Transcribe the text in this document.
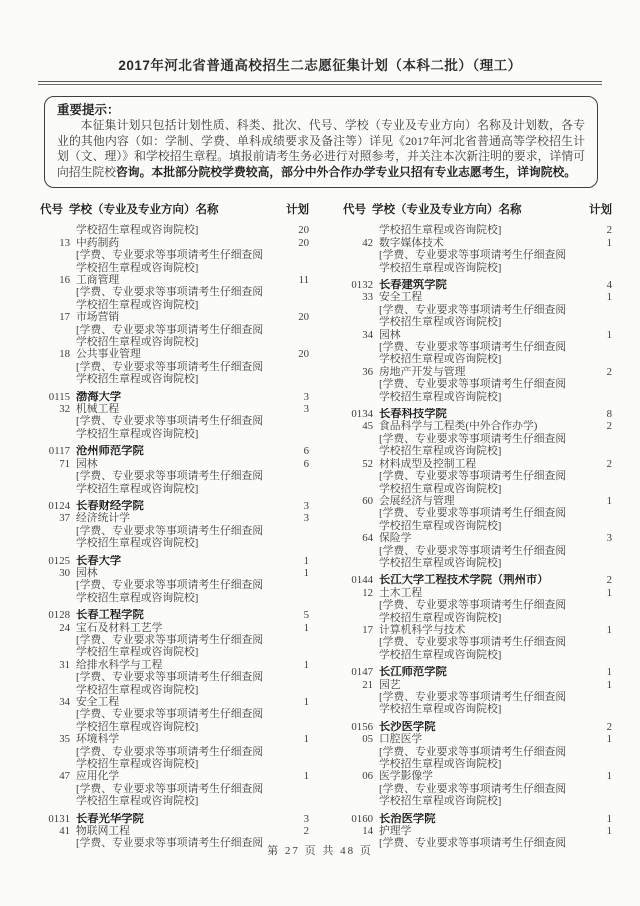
2017年河北省普通高校招生二志愿征集计划（本科二批）（理工）
重要提示：
本征集计划只包括计划性质、科类、批次、代号、学校（专业及专业方向）名称及计划数，各专业的其他内容（如：学制、学费、单科成绩要求及备注等）详见《2017年河北省普通高等学校招生计划（文、理）》和学校招生章程。填报前请考生务必进行对照参考，并关注本次新注明的要求，详情可向招生院校咨询。本批部分院校学费较高，部分中外合作办学专业只招有专业志愿考生，详询院校。
代号 学校（专业及专业方向）名称	计划
学校招生章程或咨询院校]	20
13 中药制药	20
[学费、专业要求等事项请考生仔细查阅
学校招生章程或咨询院校]
16 工商管理	11
[学费、专业要求等事项请考生仔细查阅
学校招生章程或咨询院校]
17 市场营销	20
[学费、专业要求等事项请考生仔细查阅
学校招生章程或咨询院校]
18 公共事业管理	20
[学费、专业要求等事项请考生仔细查阅
学校招生章程或咨询院校]
0115 渤海大学	3
32 机械工程	3
[学费、专业要求等事项请考生仔细查阅
学校招生章程或咨询院校]
0117 沧州师范学院	6
71 园林	6
[学费、专业要求等事项请考生仔细查阅
学校招生章程或咨询院校]
0124 长春财经学院	3
37 经济统计学	3
[学费、专业要求等事项请考生仔细查阅
学校招生章程或咨询院校]
0125 长春大学	1
30 园林	1
[学费、专业要求等事项请考生仔细查阅
学校招生章程或咨询院校]
0128 长春工程学院	5
24 宝石及材料工艺学	1
[学费、专业要求等事项请考生仔细查阅
学校招生章程或咨询院校]
31 给排水科学与工程	1
[学费、专业要求等事项请考生仔细查阅
学校招生章程或咨询院校]
34 安全工程	1
[学费、专业要求等事项请考生仔细查阅
学校招生章程或咨询院校]
35 环境科学	1
[学费、专业要求等事项请考生仔细查阅
学校招生章程或咨询院校]
47 应用化学	1
[学费、专业要求等事项请考生仔细查阅
学校招生章程或咨询院校]
0131 长春光华学院	3
41 物联网工程	2
[学费、专业要求等事项请考生仔细查阅
代号 学校（专业及专业方向）名称	计划
学校招生章程或咨询院校]	2
42 数字媒体技术	1
[学费、专业要求等事项请考生仔细查阅
学校招生章程或咨询院校]
0132 长春建筑学院	4
33 安全工程	1
[学费、专业要求等事项请考生仔细查阅
学校招生章程或咨询院校]
34 园林	1
[学费、专业要求等事项请考生仔细查阅
学校招生章程或咨询院校]
36 房地产开发与管理	2
[学费、专业要求等事项请考生仔细查阅
学校招生章程或咨询院校]
0134 长春科技学院	8
45 食品科学与工程类(中外合作办学)	2
[学费、专业要求等事项请考生仔细查阅
学校招生章程或咨询院校]
52 材料成型及控制工程	2
[学费、专业要求等事项请考生仔细查阅
学校招生章程或咨询院校]
60 会展经济与管理	1
[学费、专业要求等事项请考生仔细查阅
学校招生章程或咨询院校]
64 保险学	3
[学费、专业要求等事项请考生仔细查阅
学校招生章程或咨询院校]
0144 长江大学工程技术学院（荆州市）	2
12 土木工程	1
[学费、专业要求等事项请考生仔细查阅
学校招生章程或咨询院校]
17 计算机科学与技术	1
[学费、专业要求等事项请考生仔细查阅
学校招生章程或咨询院校]
0147 长江师范学院	1
21 园艺	1
[学费、专业要求等事项请考生仔细查阅
学校招生章程或咨询院校]
0156 长沙医学院	2
05 口腔医学	1
[学费、专业要求等事项请考生仔细查阅
学校招生章程或咨询院校]
06 医学影像学	1
[学费、专业要求等事项请考生仔细查阅
学校招生章程或咨询院校]
0160 长治医学院	1
14 护理学	1
[学费、专业要求等事项请考生仔细查阅
第 27 页 共 48 页
